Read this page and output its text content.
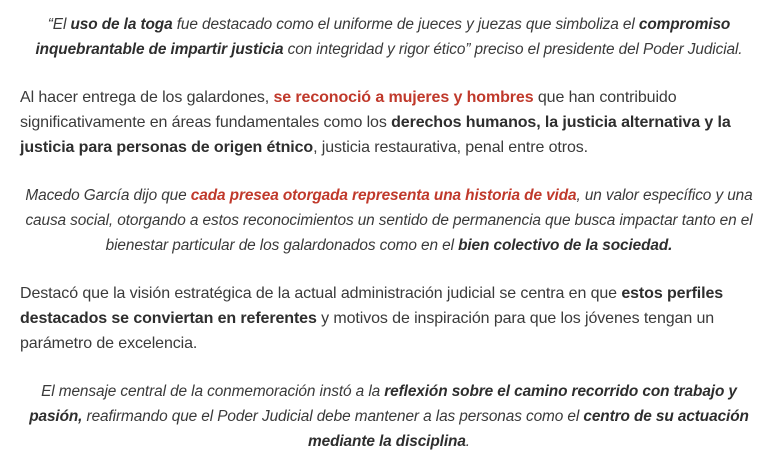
“El uso de la toga fue destacado como el uniforme de jueces y juezas que simboliza el compromiso inquebrantable de impartir justicia con integridad y rigor ético” preciso el presidente del Poder Judicial.

Al hacer entrega de los galardones, se reconoció a mujeres y hombres que han contribuido significativamente en áreas fundamentales como los derechos humanos, la justicia alternativa y la justicia para personas de origen étnico, justicia restaurativa, penal entre otros.

Macedo García dijo que cada presea otorgada representa una historia de vida, un valor específico y una causa social, otorgando a estos reconocimientos un sentido de permanencia que busca impactar tanto en el bienestar particular de los galardonados como en el bien colectivo de la sociedad.

Destacó que la visión estratégica de la actual administración judicial se centra en que estos perfiles destacados se conviertan en referentes y motivos de inspiración para que los jóvenes tengan un parámetro de excelencia.

El mensaje central de la conmemoración instó a la reflexión sobre el camino recorrido con trabajo y pasión, reafirmando que el Poder Judicial debe mantener a las personas como el centro de su actuación mediante la disciplina.
